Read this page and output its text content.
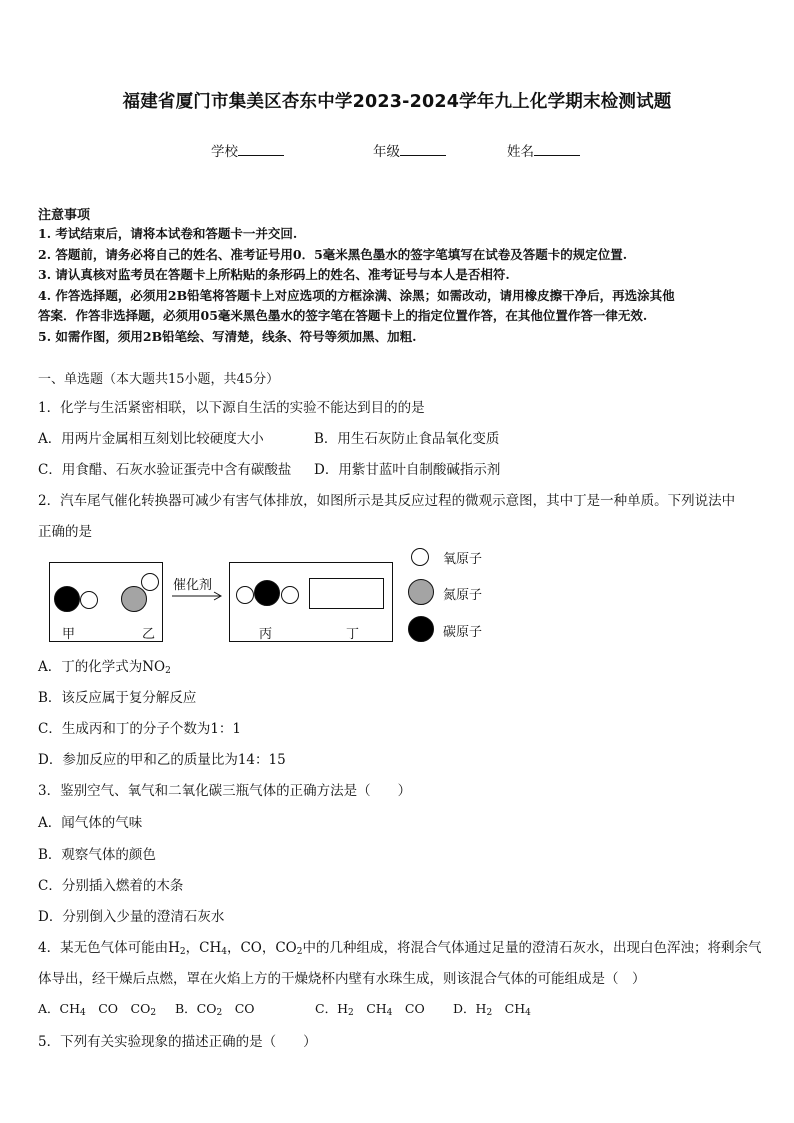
福建省厦门市集美区杏东中学2023-2024学年九上化学期末检测试题
学校	年级	姓名
注意事项
1. 考试结束后，请将本试卷和答题卡一并交回.
2. 答题前，请务必将自己的姓名、准考证号用0．5毫米黑色墨水的签字笔填写在试卷及答题卡的规定位置.
3. 请认真核对监考员在答题卡上所粘贴的条形码上的姓名、准考证号与本人是否相符.
4. 作答选择题，必须用2B铅笔将答题卡上对应选项的方框涂满、涂黑；如需改动，请用橡皮擦干净后，再选涂其他
答案．作答非选择题，必须用05毫米黑色墨水的签字笔在答题卡上的指定位置作答，在其他位置作答一律无效.
5. 如需作图，须用2B铅笔绘、写清楚，线条、符号等须加黑、加粗.
一、单选题（本大题共15小题，共45分）
1．化学与生活紧密相联，以下源自生活的实验不能达到目的的是
A．用两片金属相互刻划比较硬度大小	B．用生石灰防止食品氧化变质
C．用食醋、石灰水验证蛋壳中含有碳酸盐 D．用紫甘蓝叶自制酸碱指示剂
2．汽车尾气催化转换器可减少有害气体排放，如图所示是其反应过程的微观示意图，其中丁是一种单质。下列说法中
正确的是
甲	乙
催化剂
丙	丁
氧原子
氮原子
碳原子
A．丁的化学式为$NO_2$
B．该反应属于复分解反应
C．生成丙和丁的分子个数为1：1
D．参加反应的甲和乙的质量比为14：15
3．鉴别空气、氧气和二氧化碳三瓶气体的正确方法是（　　）
A．闻气体的气味
B．观察气体的颜色
C．分别插入燃着的木条
D．分别倒入少量的澄清石灰水
4．某无色气体可能由$H_2$，$CH_4$，CO，$CO_2$中的几种组成，将混合气体通过足量的澄清石灰水，出现白色浑浊；将剩余气
体导出，经干燥后点燃，罩在火焰上方的干燥烧杯内壁有水珠生成，则该混合气体的可能组成是（　）
A．$CH_4$　CO　$CO_2$ B．$CO_2$　CO	C．$H_2$　$CH_4$　CO D．$H_2$　$CH_4$
5．下列有关实验现象的描述正确的是（　　）
